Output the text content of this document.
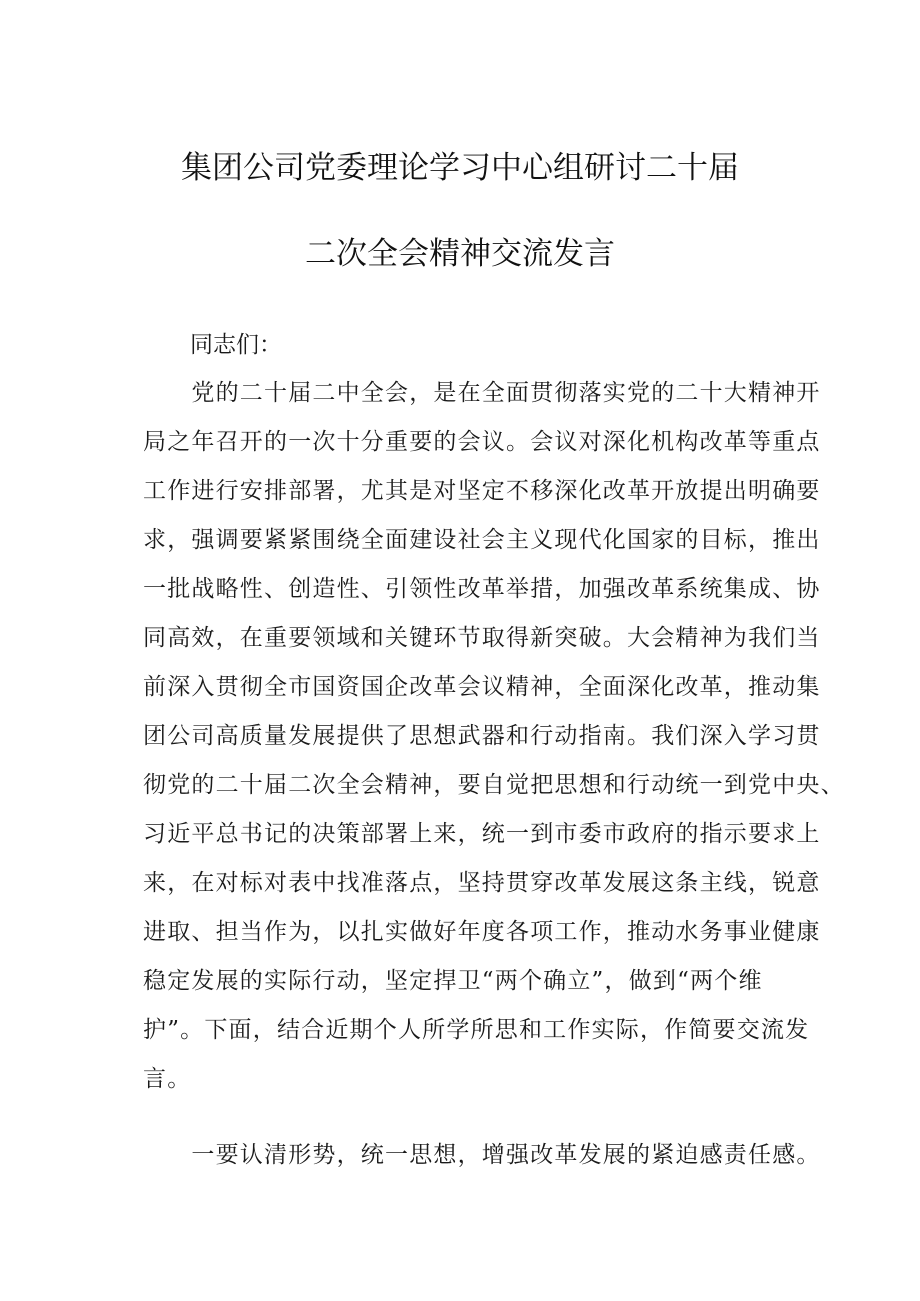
集团公司党委理论学习中心组研讨二十届
二次全会精神交流发言
同志们：
　　党的二十届二中全会，是在全面贯彻落实党的二十大精神开
局之年召开的一次十分重要的会议。会议对深化机构改革等重点
工作进行安排部署，尤其是对坚定不移深化改革开放提出明确要
求，强调要紧紧围绕全面建设社会主义现代化国家的目标，推出
一批战略性、创造性、引领性改革举措，加强改革系统集成、协
同高效，在重要领域和关键环节取得新突破。大会精神为我们当
前深入贯彻全市国资国企改革会议精神，全面深化改革，推动集
团公司高质量发展提供了思想武器和行动指南。我们深入学习贯
彻党的二十届二次全会精神，要自觉把思想和行动统一到党中央、
习近平总书记的决策部署上来，统一到市委市政府的指示要求上
来，在对标对表中找准落点，坚持贯穿改革发展这条主线，锐意
进取、担当作为，以扎实做好年度各项工作，推动水务事业健康
稳定发展的实际行动，坚定捍卫“两个确立”，做到“两个维
护”。下面，结合近期个人所学所思和工作实际，作简要交流发
言。
　　一要认清形势，统一思想，增强改革发展的紧迫感责任感。
